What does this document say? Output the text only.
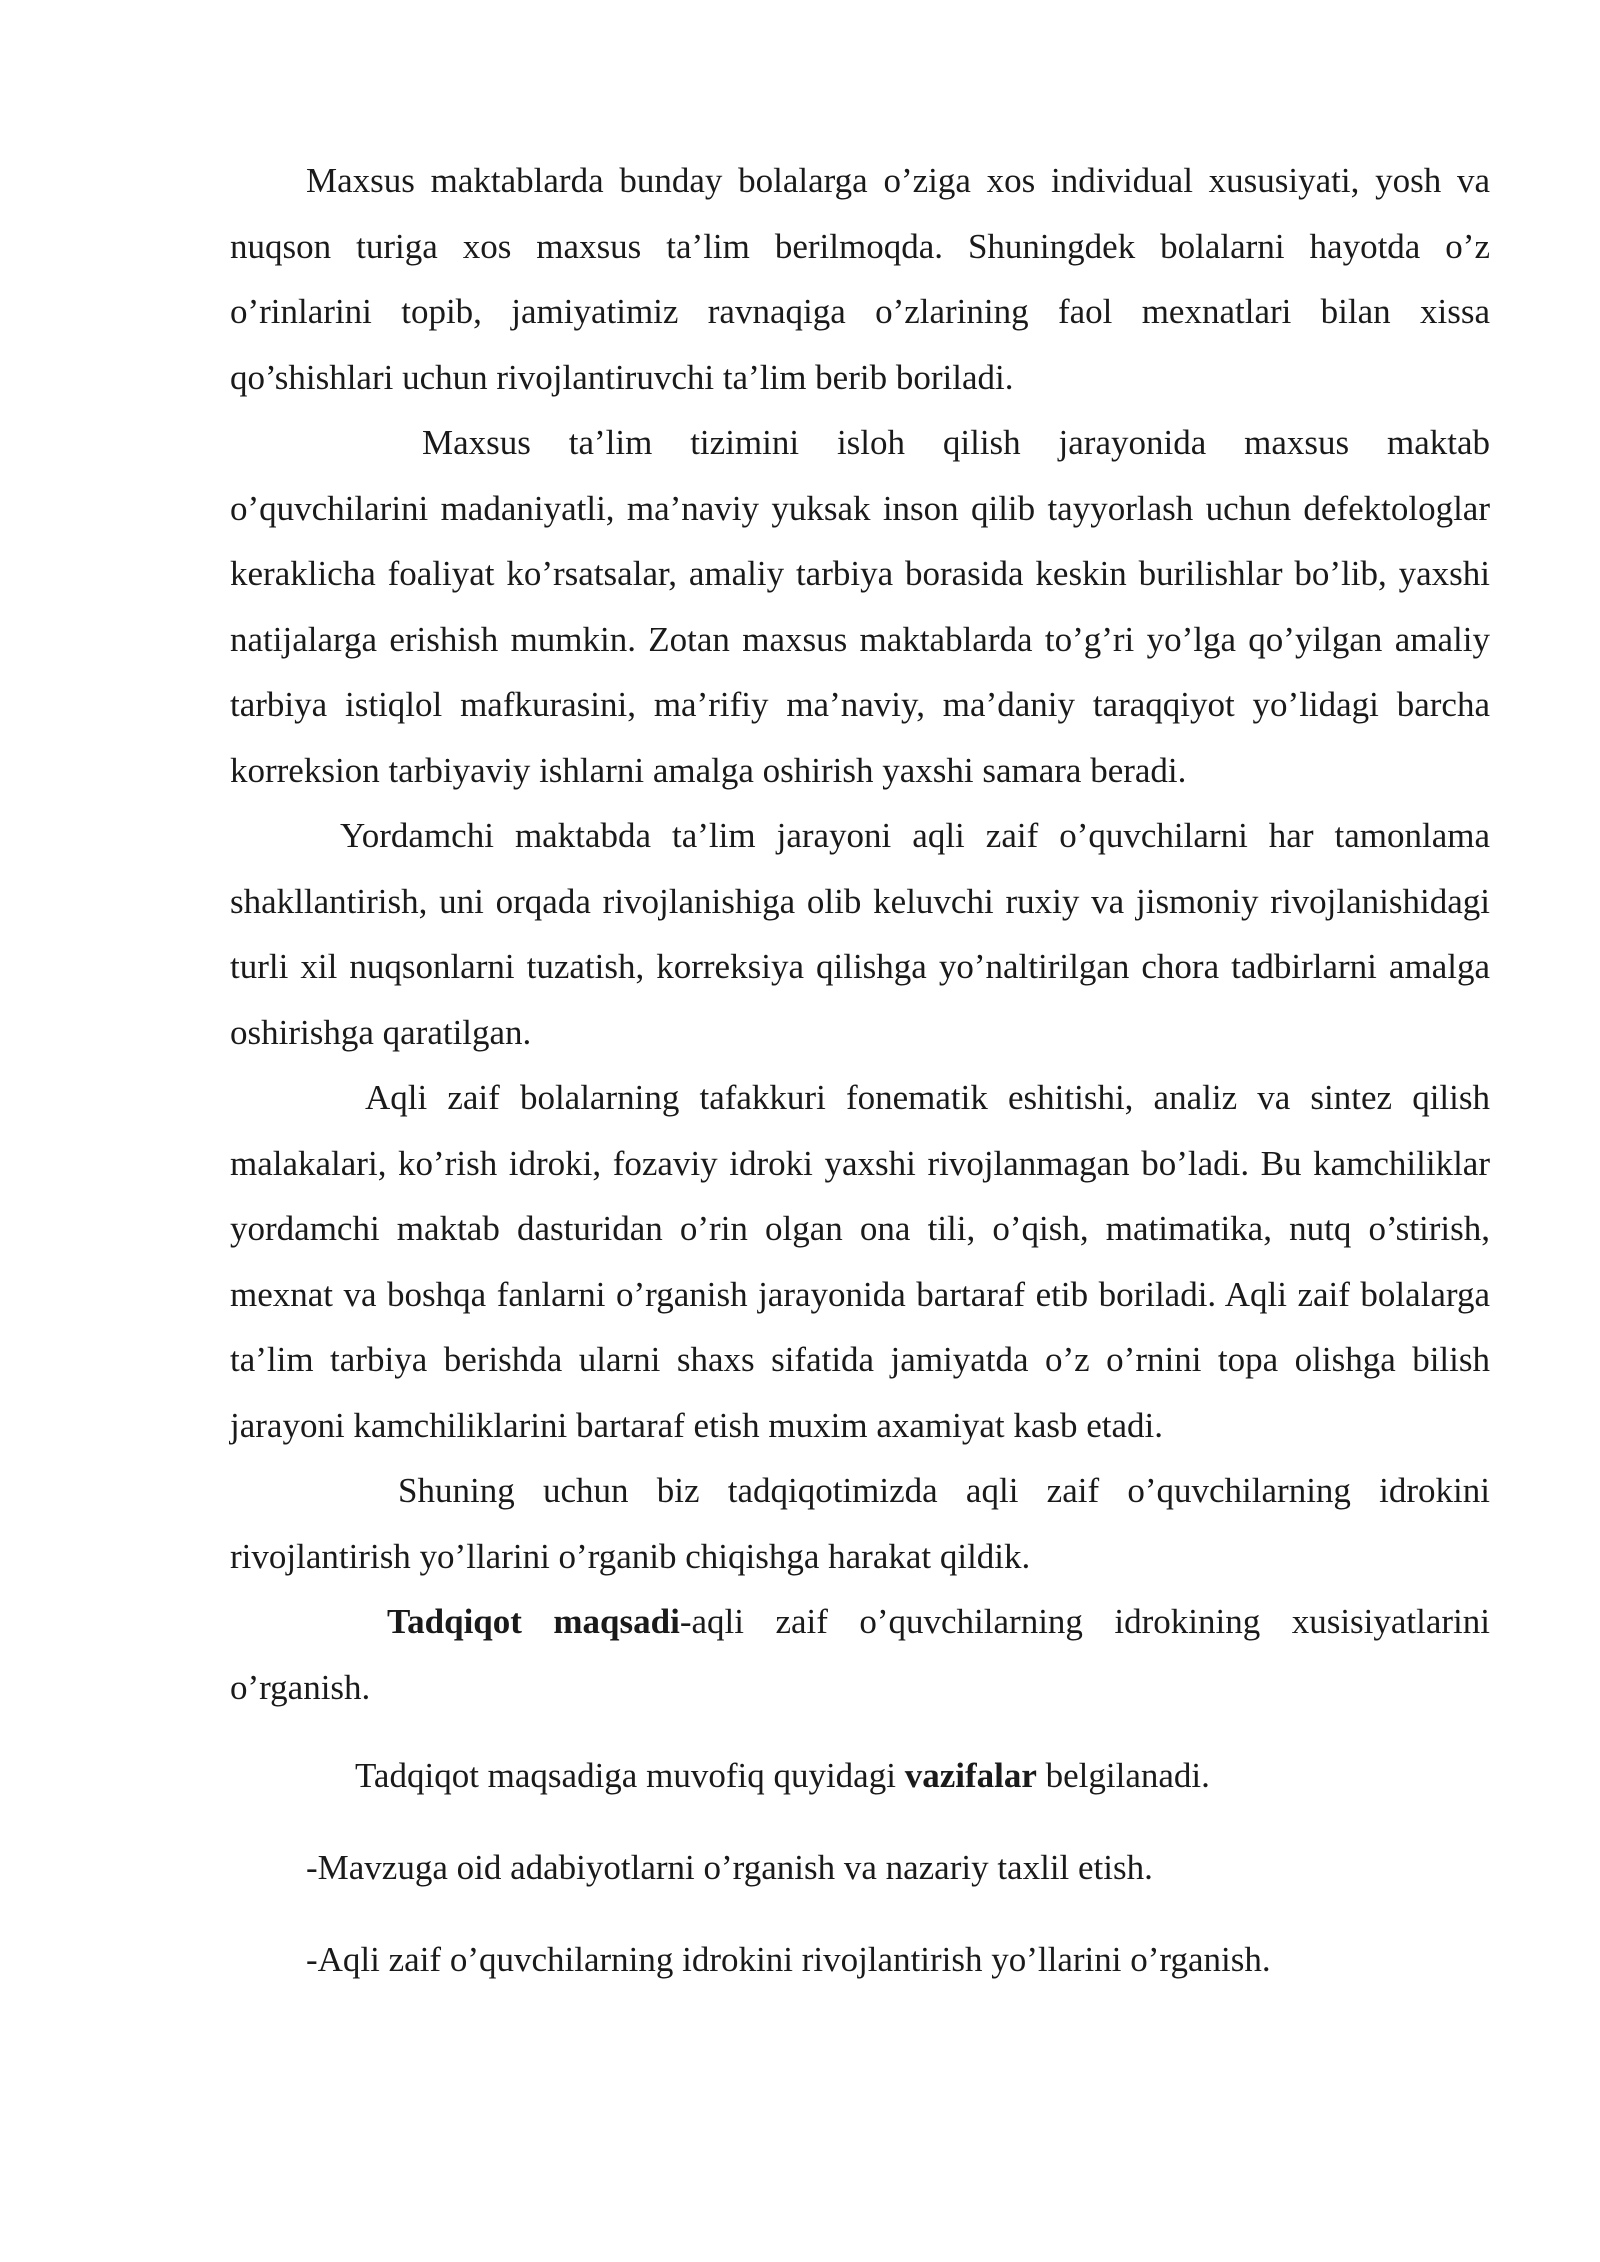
Maxsus maktablarda bunday bolalarga o’ziga xos individual xususiyati, yosh va nuqson turiga xos maxsus ta’lim berilmoqda. Shuningdek bolalarni hayotda o’z o’rinlarini topib, jamiyatimiz ravnaqiga o’zlarining faol mexnatlari bilan xissa qo’shishlari uchun rivojlantiruvchi ta’lim berib boriladi.

Maxsus ta’lim tizimini isloh qilish jarayonida maxsus maktab o’quvchilarini madaniyatli, ma’naviy yuksak inson qilib tayyorlash uchun defektologlar keraklicha foaliyat ko’rsatsalar, amaliy tarbiya borasida keskin burilishlar bo’lib, yaxshi natijalarga erishish mumkin. Zotan maxsus maktablarda to’g’ri yo’lga qo’yilgan amaliy tarbiya istiqlol mafkurasini, ma’rifiy ma’naviy, ma’daniy taraqqiyot yo’lidagi barcha korreksion tarbiyaviy ishlarni amalga oshirish yaxshi samara beradi.

Yordamchi maktabda ta’lim jarayoni aqli zaif o’quvchilarni har tamonlama shakllantirish, uni orqada rivojlanishiga olib keluvchi ruxiy va jismoniy rivojlanishidagi turli xil nuqsonlarni tuzatish, korreksiya qilishga yo’naltirilgan chora tadbirlarni amalga oshirishga qaratilgan.

Aqli zaif bolalarning tafakkuri fonematik eshitishi, analiz va sintez qilish malakalari, ko’rish idroki, fozaviy idroki yaxshi rivojlanmagan bo’ladi. Bu kamchiliklar yordamchi maktab dasturidan o’rin olgan ona tili, o’qish, matimatika, nutq o’stirish, mexnat va boshqa fanlarni o’rganish jarayonida bartaraf etib boriladi. Aqli zaif bolalarga ta’lim tarbiya berishda ularni shaxs sifatida jamiyatda o’z o’rnini topa olishga bilish jarayoni kamchiliklarini bartaraf etish muxim axamiyat kasb etadi.

Shuning uchun biz tadqiqotimizda aqli zaif o’quvchilarning idrokini rivojlantirish yo’llarini o’rganib chiqishga harakat qildik.

Tadqiqot maqsadi-aqli zaif o’quvchilarning idrokining xusisiyatlarini o’rganish.

Tadqiqot maqsadiga muvofiq quyidagi vazifalar belgilanadi.

-Mavzuga oid adabiyotlarni o’rganish va nazariy taxlil etish.

-Aqli zaif o’quvchilarning idrokini rivojlantirish yo’llarini o’rganish.
